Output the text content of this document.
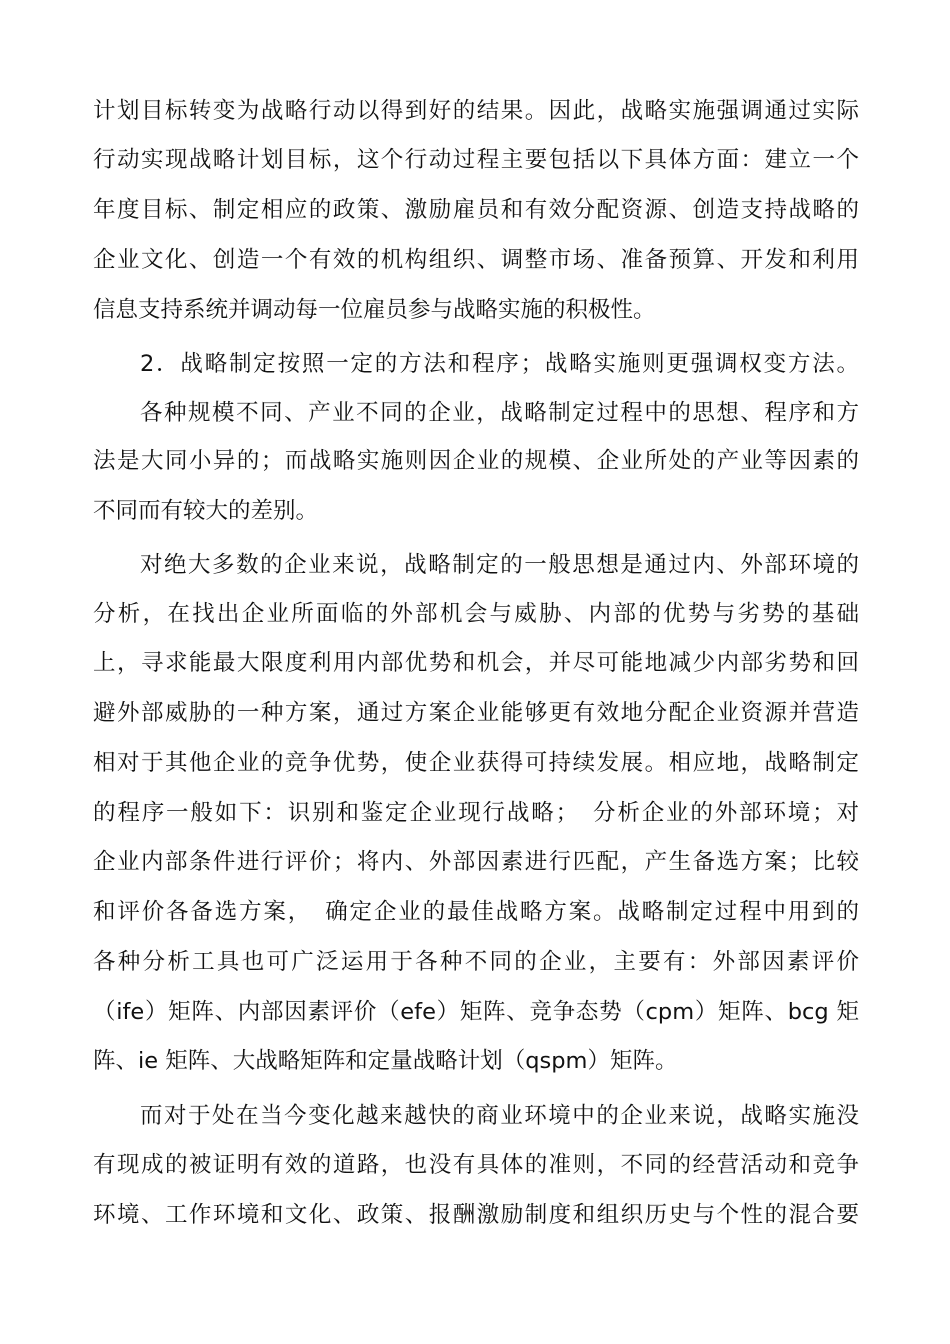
计划目标转变为战略行动以得到好的结果。因此，战略实施强调通过实际
行动实现战略计划目标，这个行动过程主要包括以下具体方面：建立一个
年度目标、制定相应的政策、激励雇员和有效分配资源、创造支持战略的
企业文化、创造一个有效的机构组织、调整市场、准备预算、开发和利用
信息支持系统并调动每一位雇员参与战略实施的积极性。
2．战略制定按照一定的方法和程序；战略实施则更强调权变方法。
各种规模不同、产业不同的企业，战略制定过程中的思想、程序和方
法是大同小异的；而战略实施则因企业的规模、企业所处的产业等因素的
不同而有较大的差别。
对绝大多数的企业来说，战略制定的一般思想是通过内、外部环境的
分析，在找出企业所面临的外部机会与威胁、内部的优势与劣势的基础
上，寻求能最大限度利用内部优势和机会，并尽可能地减少内部劣势和回
避外部威胁的一种方案，通过方案企业能够更有效地分配企业资源并营造
相对于其他企业的竞争优势，使企业获得可持续发展。相应地，战略制定
的程序一般如下：识别和鉴定企业现行战略；　分析企业的外部环境；对
企业内部条件进行评价；将内、外部因素进行匹配，产生备选方案；比较
和评价各备选方案，　确定企业的最佳战略方案。战略制定过程中用到的
各种分析工具也可广泛运用于各种不同的企业，主要有：外部因素评价
（ife）矩阵、内部因素评价（efe）矩阵、竞争态势（cpm）矩阵、bcg 矩
阵、ie 矩阵、大战略矩阵和定量战略计划（qspm）矩阵。
而对于处在当今变化越来越快的商业环境中的企业来说，战略实施没
有现成的被证明有效的道路，也没有具体的准则，不同的经营活动和竞争
环境、工作环境和文化、政策、报酬激励制度和组织历史与个性的混合要
